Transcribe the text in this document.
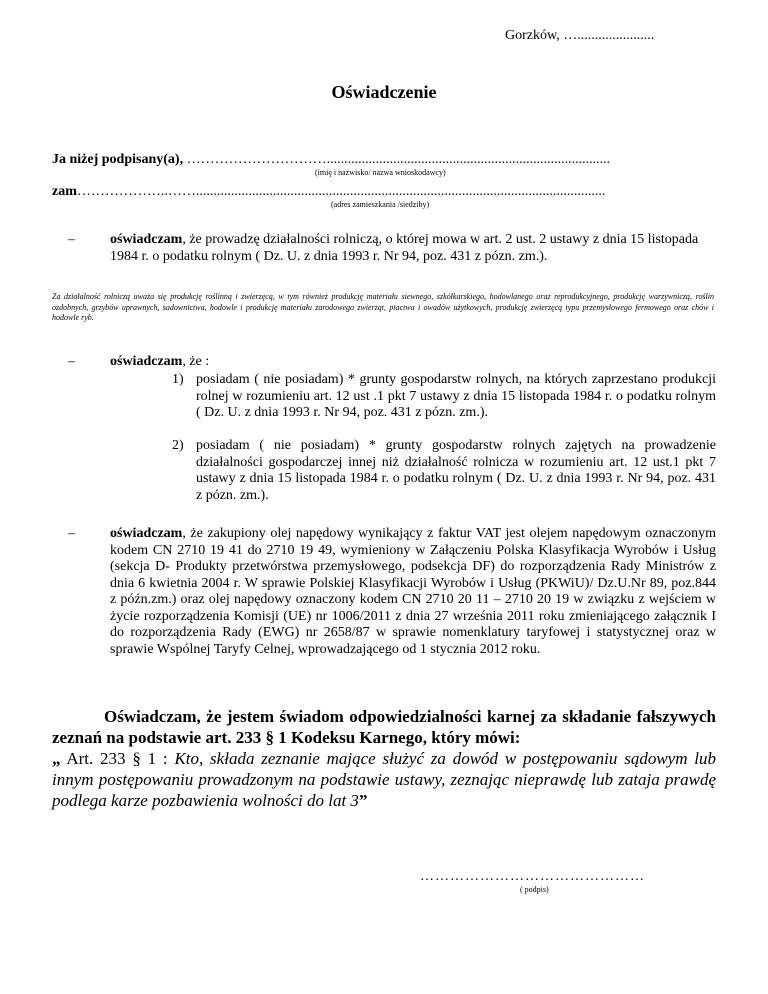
Gorzków, …......................
Oświadczenie
Ja niżej podpisany(a), ………………………….................................................................................
(imię i nazwisko/ nazwa wnioskodawcy)
zam………………..…….....................................................................................................................
(adres zamieszkania /siedziby)
–	oświadczam, że prowadzę działalności rolniczą, o której mowa w art. 2 ust. 2 ustawy z dnia 15 listopada 1984 r. o podatku rolnym ( Dz. U. z dnia 1993 r. Nr 94, poz. 431 z pózn. zm.).
Za działalność rolniczą uważa się produkcję roślinną i zwierzęcą, w tym również produkcję materiału siewnego, szkółkarskiego, hodowlanego oraz reprodukcyjnego, produkcję warzywniczą, roślin ozdobnych, grzybów uprawnych, sadownictwa, hodowle i produkcję materiału zarodowego zwierząt, ptactwa i owadów użytkowych, produkcję zwierzęcą typu przemysłowego fermowego oraz chów i hodowle ryb.
–	oświadczam, że :
1) posiadam ( nie posiadam) * grunty gospodarstw rolnych, na których zaprzestano produkcji rolnej w rozumieniu art. 12 ust .1 pkt 7 ustawy z dnia 15 listopada 1984 r. o podatku rolnym ( Dz. U. z dnia 1993 r. Nr 94, poz. 431 z pózn. zm.).
2) posiadam ( nie posiadam) * grunty gospodarstw rolnych zajętych na prowadzenie działalności gospodarczej innej niż działalność rolnicza w rozumieniu art. 12 ust.1 pkt 7 ustawy z dnia 15 listopada 1984 r. o podatku rolnym ( Dz. U. z dnia 1993 r. Nr 94, poz. 431 z pózn. zm.).
–	oświadczam, że zakupiony olej napędowy wynikający z faktur VAT jest olejem napędowym oznaczonym kodem CN 2710 19 41 do 2710 19 49, wymieniony w Załączeniu Polska Klasyfikacja Wyrobów i Usług (sekcja D- Produkty przetwórstwa przemysłowego, podsekcja DF) do rozporządzenia Rady Ministrów z dnia 6 kwietnia 2004 r. W sprawie Polskiej Klasyfikacji Wyrobów i Usług (PKWiU)/ Dz.U.Nr 89, poz.844 z późn.zm.) oraz olej napędowy oznaczony kodem CN 2710 20 11 – 2710 20 19 w związku z wejściem w życie rozporządzenia Komisji (UE) nr 1006/2011 z dnia 27 września 2011 roku zmieniającego załącznik I do rozporządzenia Rady (EWG) nr 2658/87 w sprawie nomenklatury taryfowej i statystycznej oraz w sprawie Wspólnej Taryfy Celnej, wprowadzającego od 1 stycznia 2012 roku.
Oświadczam, że jestem świadom odpowiedzialności karnej za składanie fałszywych zeznań na podstawie art. 233 § 1 Kodeksu Karnego, który mówi:
„ Art. 233 § 1 : Kto, składa zeznanie mające służyć za dowód w postępowaniu sądowym lub innym postępowaniu prowadzonym na podstawie ustawy, zeznając nieprawdę lub zataja prawdę podlega karze pozbawienia wolności do lat 3”
………………………………………
( podpis)
